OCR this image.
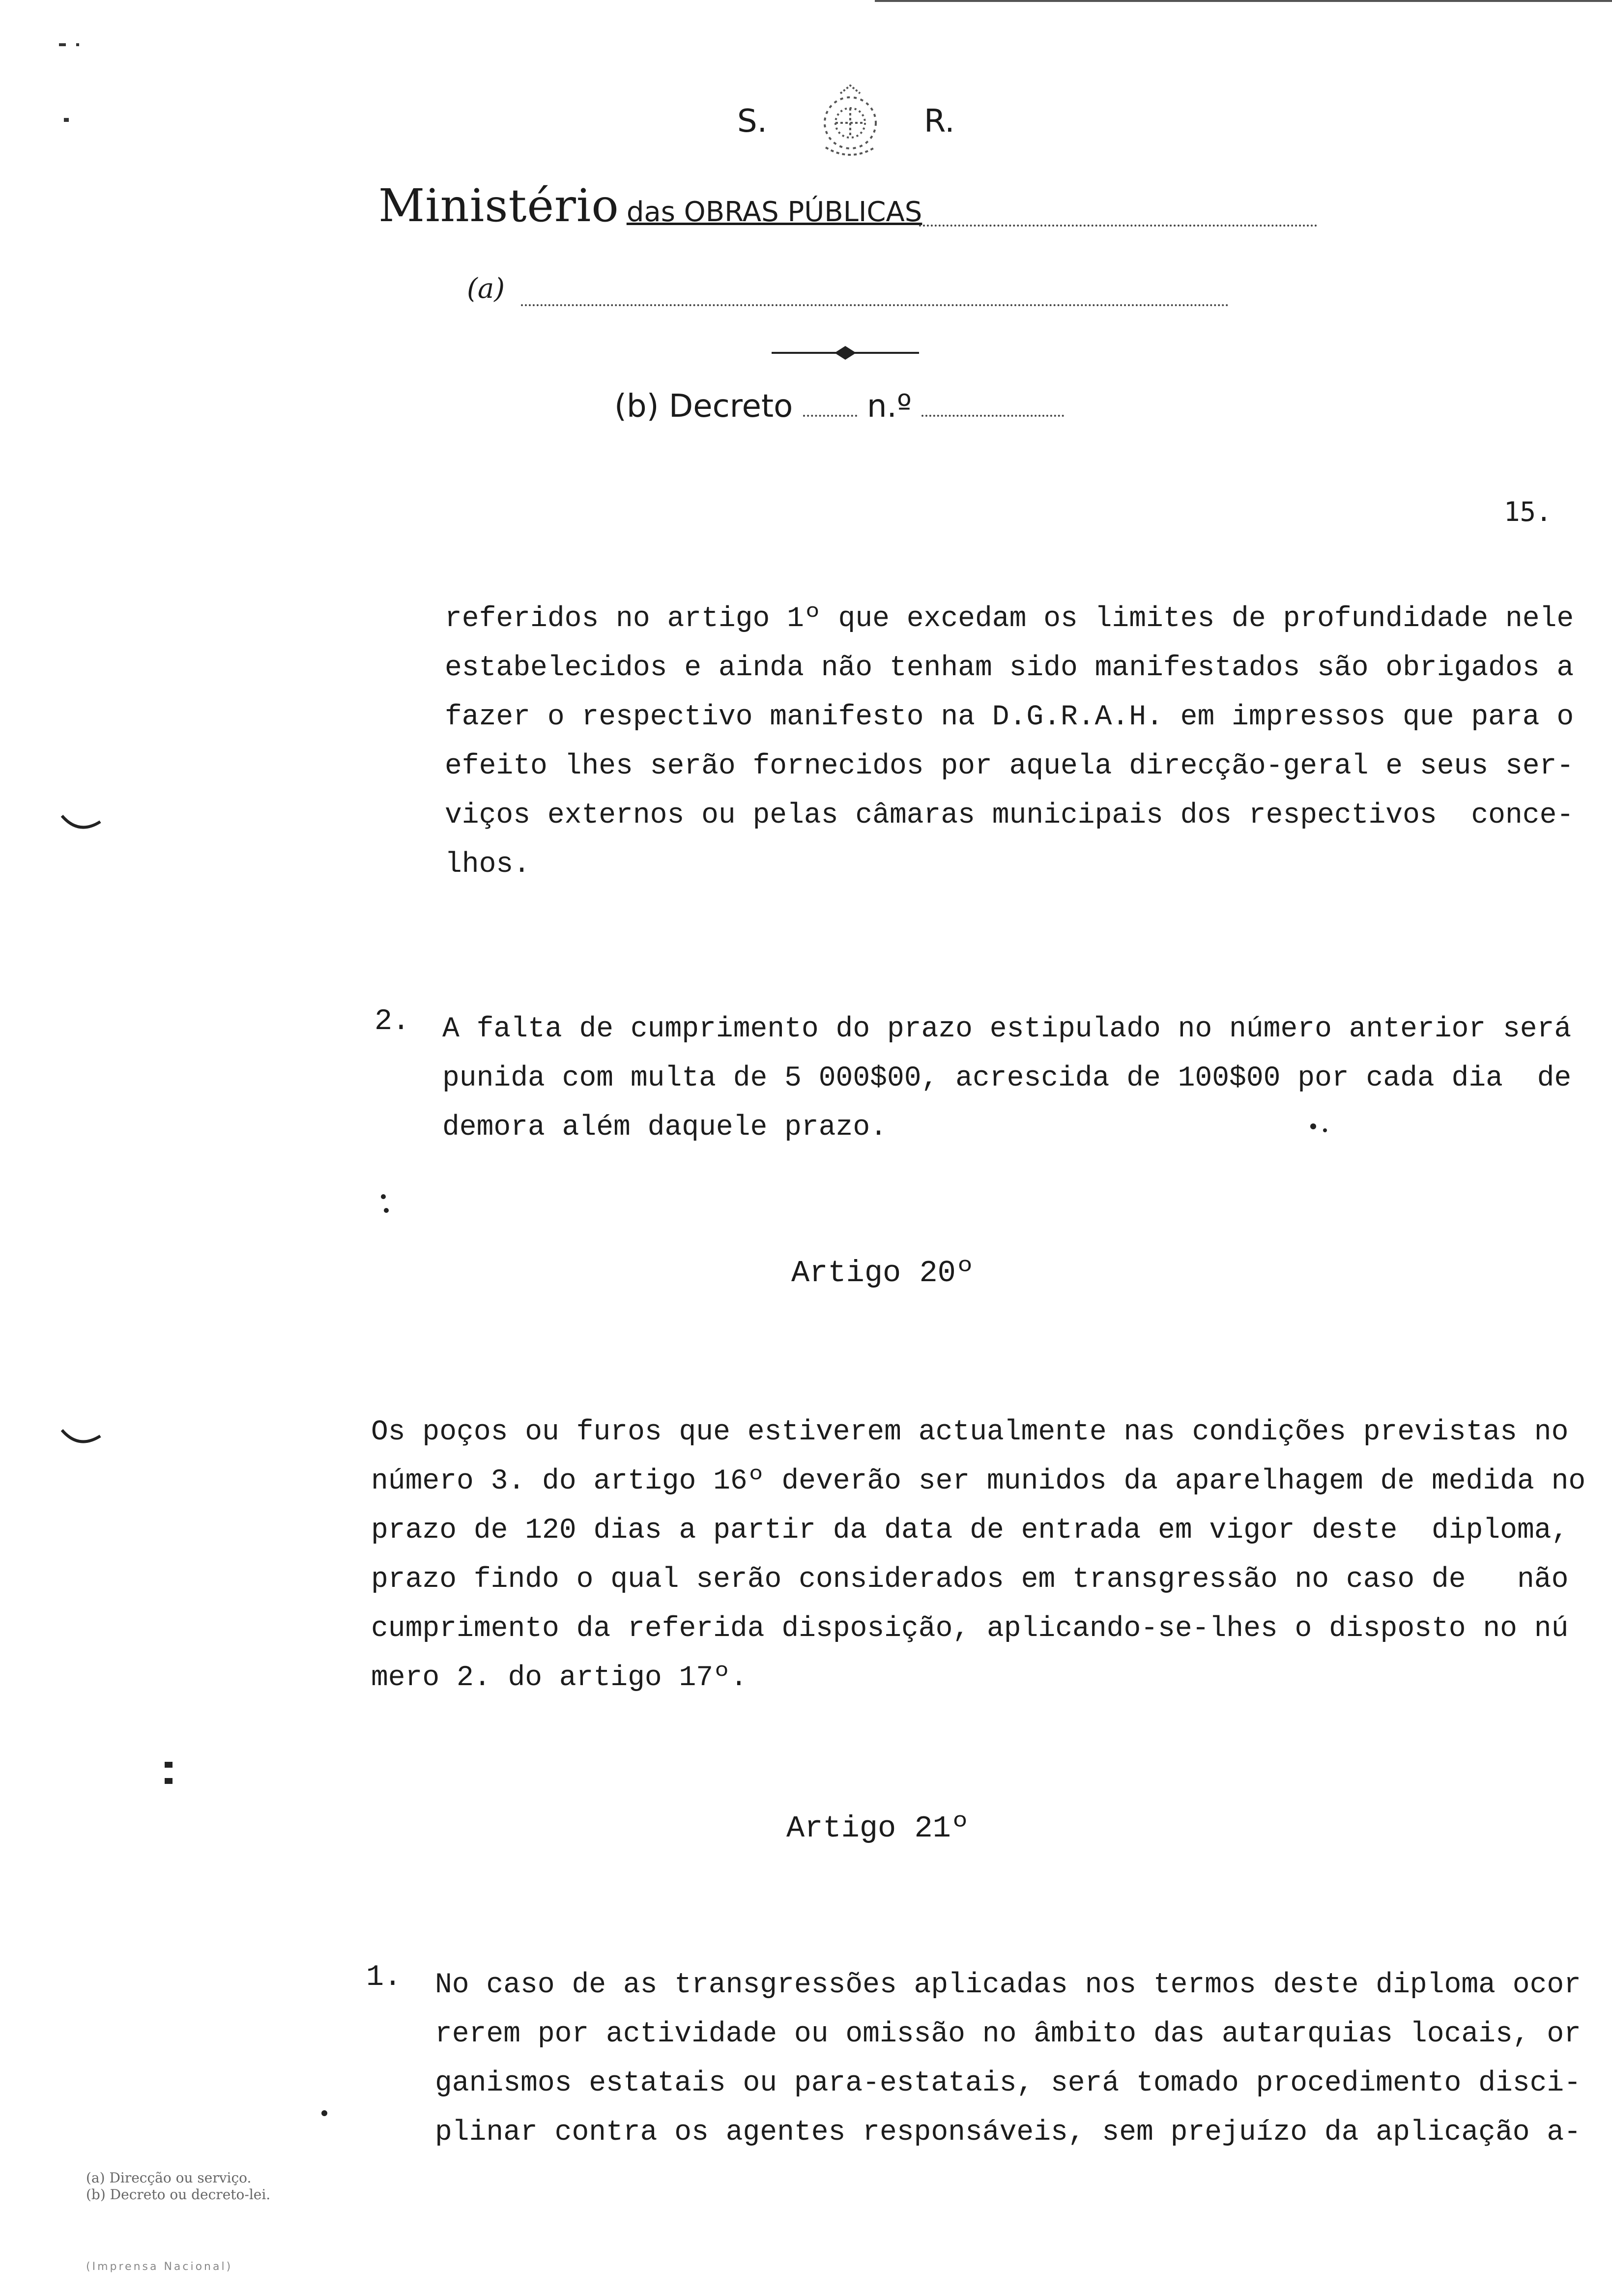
S.	R.
Ministério das OBRAS PÚBLICAS
(a)
(b) Decreto n.º
15.

referidos no artigo 1º que excedam os limites de profundidade nele

estabelecidos e ainda não tenham sido manifestados são obrigados a

fazer o respectivo manifesto na D.G.R.A.H. em impressos que para o

efeito lhes serão fornecidos por aquela direcção-geral e seus ser-

viços externos ou pelas câmaras municipais dos respectivos  conce-

lhos.

2. A falta de cumprimento do prazo estipulado no número anterior será

punida com multa de 5 000$00, acrescida de 100$00 por cada dia  de

demora além daquele prazo.

Artigo 20º

Os poços ou furos que estiverem actualmente nas condições previstas no

número 3. do artigo 16º deverão ser munidos da aparelhagem de medida no

prazo de 120 dias a partir da data de entrada em vigor deste  diploma,

prazo findo o qual serão considerados em transgressão no caso de   não

cumprimento da referida disposição, aplicando-se-lhes o disposto no nú

mero 2. do artigo 17º.

Artigo 21º
1. No caso de as transgressões aplicadas nos termos deste diploma ocor

rerem por actividade ou omissão no âmbito das autarquias locais, or

ganismos estatais ou para-estatais, será tomado procedimento disci-

plinar contra os agentes responsáveis, sem prejuízo da aplicação a-

(a) Direcção ou serviço.
(b) Decreto ou decreto-lei.
(Imprensa Nacional)
